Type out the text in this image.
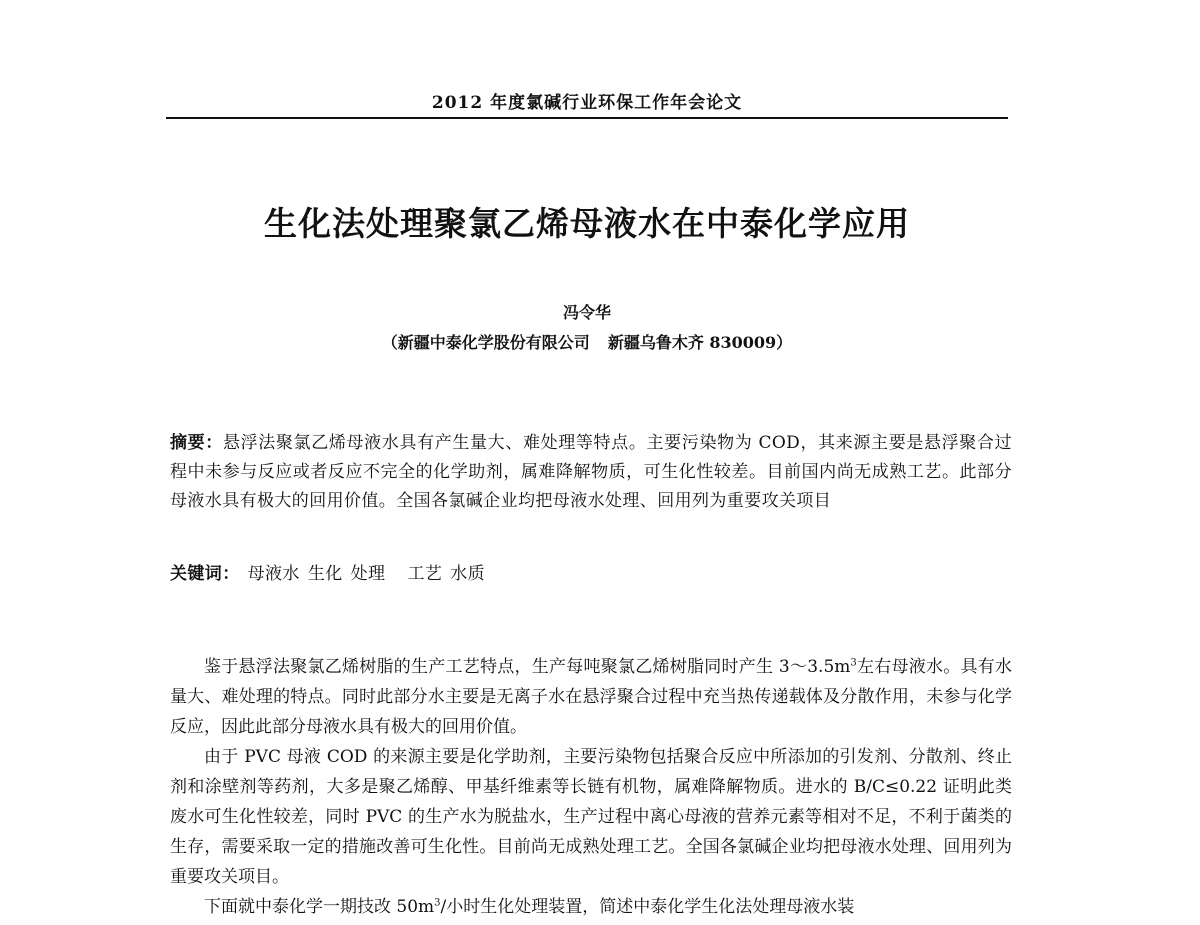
2012 年度氯碱行业环保工作年会论文
生化法处理聚氯乙烯母液水在中泰化学应用
冯令华
（新疆中泰化学股份有限公司 新疆乌鲁木齐 830009）
摘要：悬浮法聚氯乙烯母液水具有产生量大、难处理等特点。主要污染物为 COD，其来源主要是悬浮聚合过程中未参与反应或者反应不完全的化学助剂，属难降解物质，可生化性较差。目前国内尚无成熟工艺。此部分母液水具有极大的回用价值。全国各氯碱企业均把母液水处理、回用列为重要攻关项目
关键词： 母液水 生化 处理 工艺 水质

鉴于悬浮法聚氯乙烯树脂的生产工艺特点，生产每吨聚氯乙烯树脂同时产生 $3\sim 3.5m^3$左右母液水。具有水量大、难处理的特点。同时此部分水主要是无离子水在悬浮聚合过程中充当热传递载体及分散作用，未参与化学反应，因此此部分母液水具有极大的回用价值。

由于 PVC 母液 COD 的来源主要是化学助剂，主要污染物包括聚合反应中所添加的引发剂、分散剂、终止剂和涂壁剂等药剂，大多是聚乙烯醇、甲基纤维素等长链有机物，属难降解物质。进水的 B/C≤0.22 证明此类废水可生化性较差，同时 PVC 的生产水为脱盐水，生产过程中离心母液的营养元素等相对不足，不利于菌类的生存，需要采取一定的措施改善可生化性。目前尚无成熟处理工艺。全国各氯碱企业均把母液水处理、回用列为重要攻关项目。

下面就中泰化学一期技改 $50m^3/$小时生化处理装置，简述中泰化学生化法处理母液水装
